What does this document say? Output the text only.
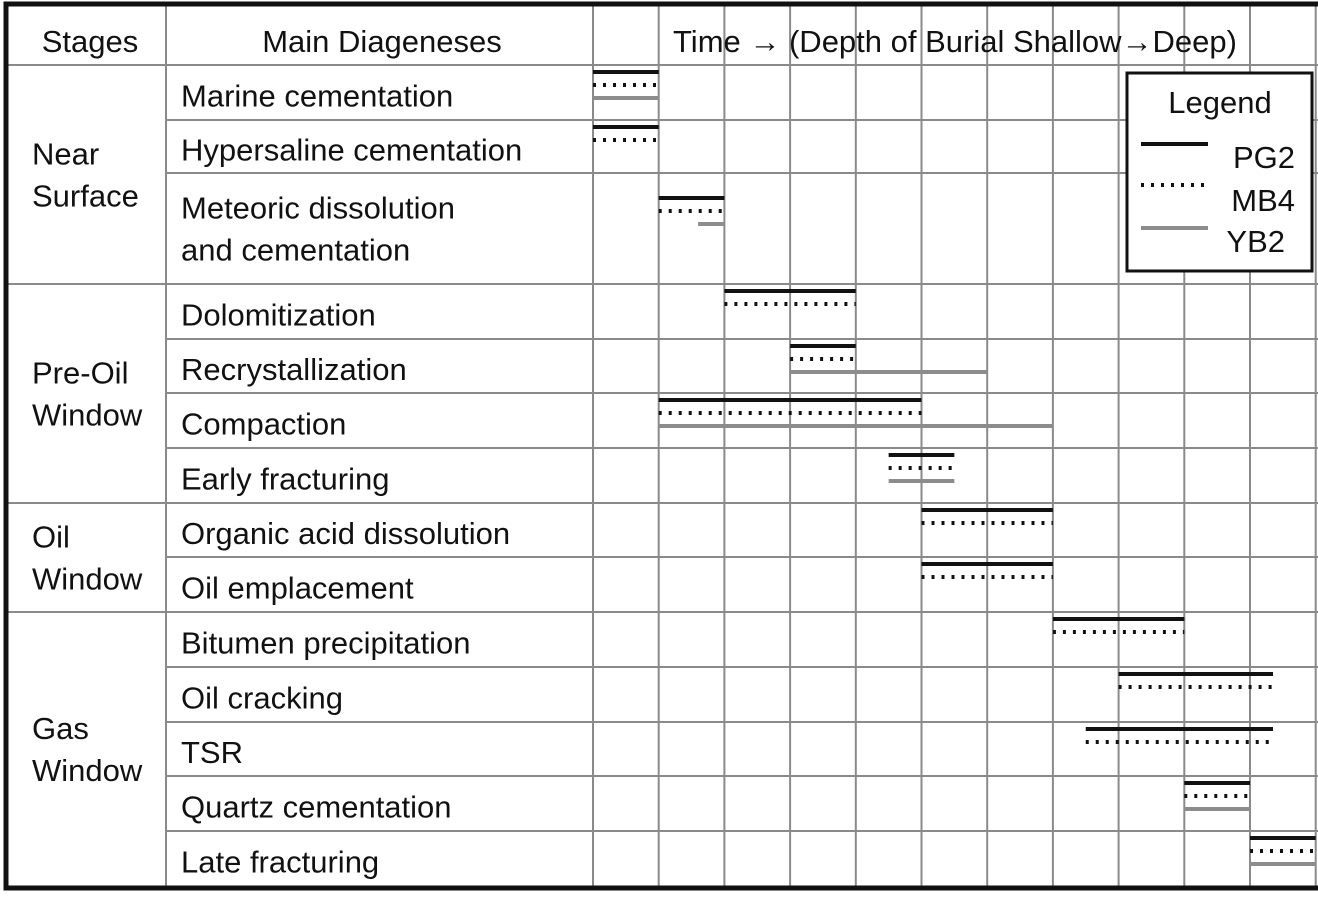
Stages	Main Diageneses	Time → (Depth of Burial Shallow→Deep)
Near
Surface
Pre-Oil
Window
Oil
Window
Gas
Window
Marine cementation
Hypersaline cementation
Meteoric dissolution
and cementation
Dolomitization
Recrystallization
Compaction
Early fracturing
Organic acid dissolution
Oil emplacement
Bitumen precipitation
Oil cracking
TSR
Quartz cementation
Late fracturing
Legend
PG2
MB4
YB2
